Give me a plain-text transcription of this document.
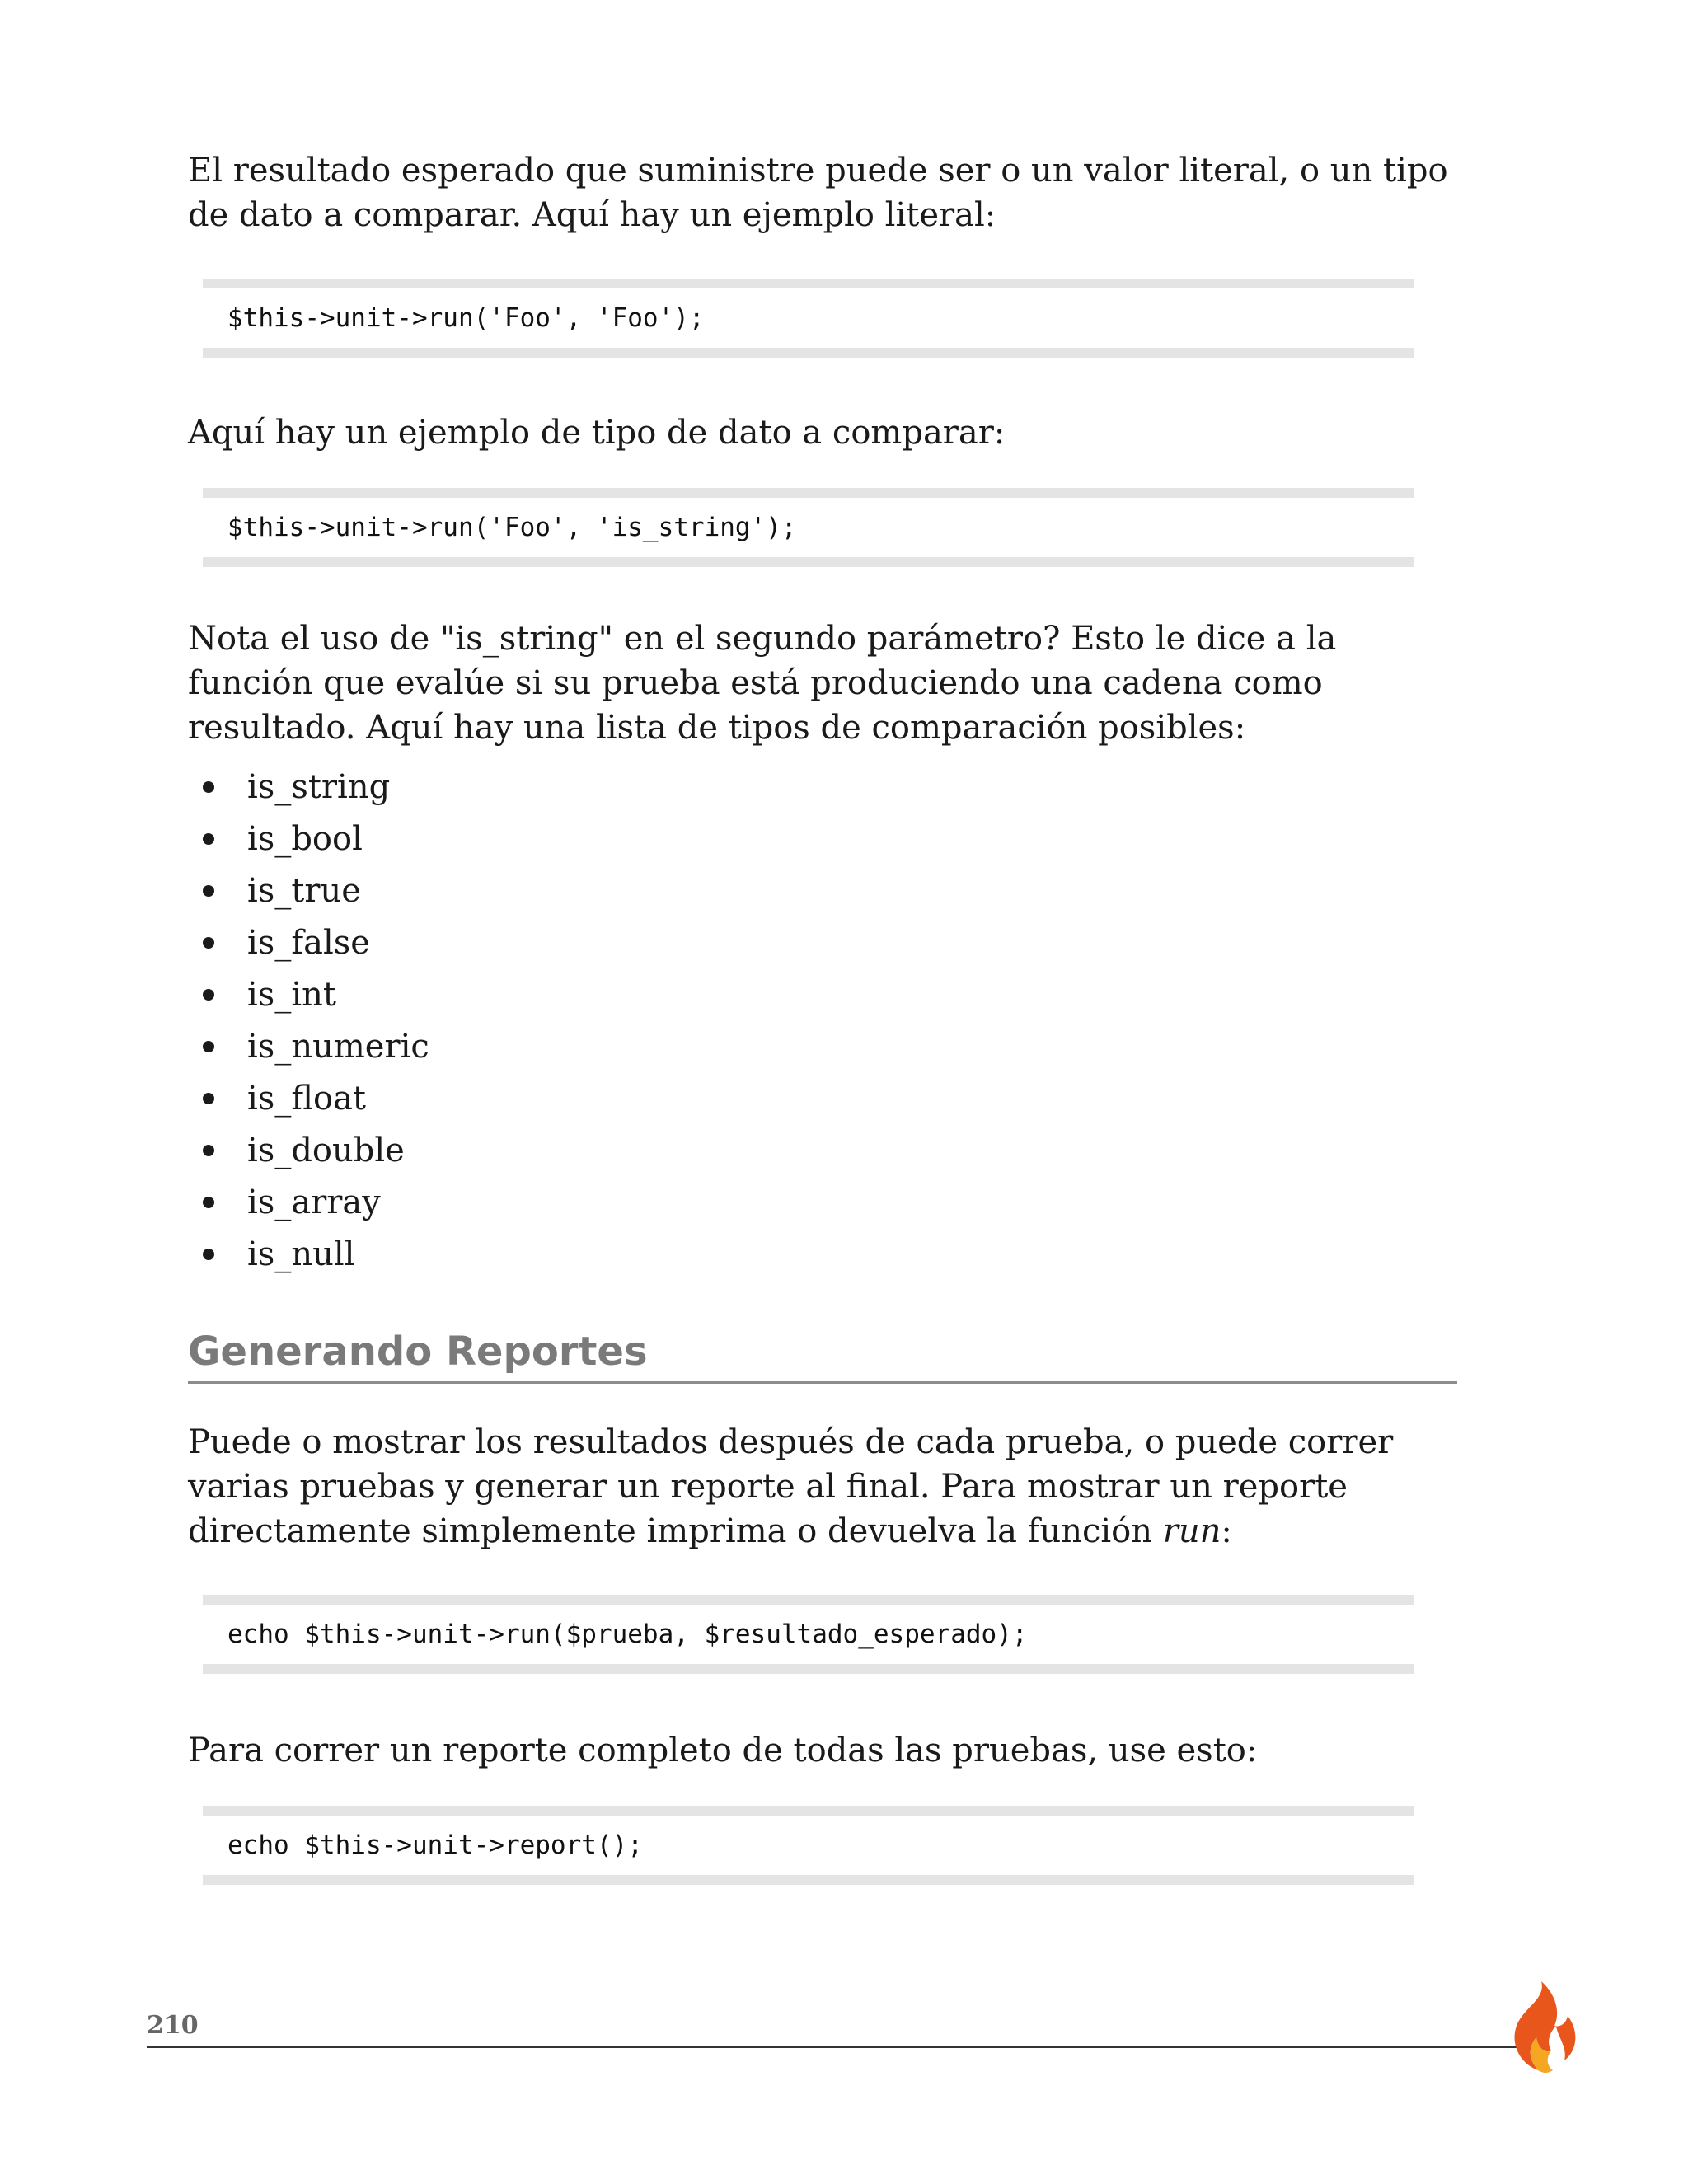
El resultado esperado que suministre puede ser o un valor literal, o un tipo de dato a comparar. Aquí hay un ejemplo literal:

$this->unit->run('Foo', 'Foo');

Aquí hay un ejemplo de tipo de dato a comparar:

$this->unit->run('Foo', 'is_string');

Nota el uso de "is_string" en el segundo parámetro? Esto le dice a la función que evalúe si su prueba está produciendo una cadena como resultado. Aquí hay una lista de tipos de comparación posibles:

is_string
is_bool
is_true
is_false
is_int
is_numeric
is_float
is_double
is_array
is_null
Generando Reportes

Puede o mostrar los resultados después de cada prueba, o puede correr varias pruebas y generar un reporte al final. Para mostrar un reporte directamente simplemente imprima o devuelva la función run:

echo $this->unit->run($prueba, $resultado_esperado);

Para correr un reporte completo de todas las pruebas, use esto:

echo $this->unit->report();
210
